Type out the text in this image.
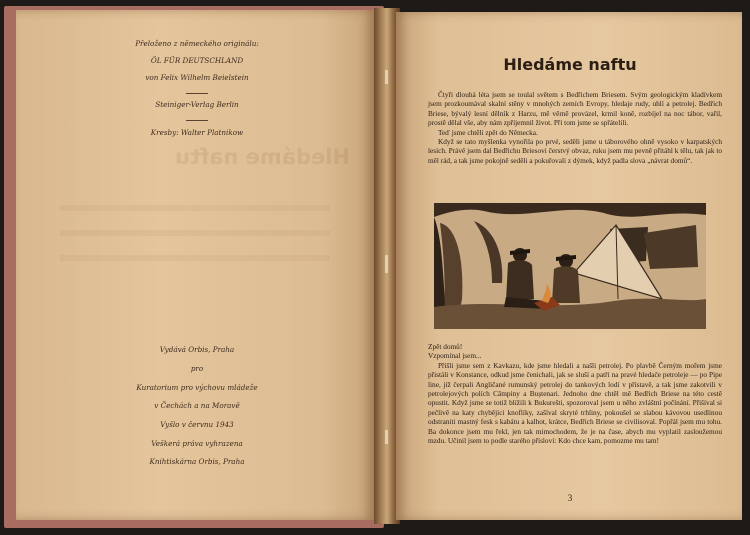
Hledáme naftu
Přeloženo z německého originálu:
ÖL FÜR DEUTSCHLAND
von Felix Wilhelm Beielstein
Steiniger-Verlag Berlin
Kresby: Walter Platnikow
Vydává Orbis, Praha
pro
Kuratorium pro výchovu mládeže
v Čechách a na Moravě
Vyšlo v červnu 1943
Veškerá práva vyhrazena
Knihtiskárna Orbis, Praha
Hledáme naftu

Čtyři dlouhá léta jsem se toulal světem s Bedřichem Briesem. Svým geologickým kladívkem jsem prozkoumával skalní stěny v mnohých zemích Evropy, hledaje rudy, uhlí a petrolej. Bedřich Briese, bývalý lesní dělník z Harzu, mě věrně provázel, krmil koně, rozbíjel na noc tábor, vařil, prostě dělal vše, aby nám zpříjemnil život. Při tom jsme se spřátelili.

Teď jsme chtěli zpět do Německa.

Když se tato myšlenka vynořila po prvé, seděli jsme u táborového ohně vysoko v karpatských lesích. Právě jsem dal Bedřichu Briesovi čerstvý obvaz, ruku jsem mu pevně přitáhl k tělu, tak jak to měl rád, a tak jsme pokojně seděli a pokuřovali z dýmek, když padla slova „návrat domů“.

Zpět domů!

Vzpomínal jsem...

Přišli jsme sem z Kavkazu, kde jsme hledali a našli petrolej. Po plavbě Černým mořem jsme přistáli v Konstance, odkud jsme čenichali, jak se sluší a patří na pravé hledače petroleje — po Pipe line, jíž čerpali Angličané rumunský petrolej do tankových lodí v přístavě, a tak jsme zakotvili v petrolejových polích Câmpiny a Buștenari. Jednoho dne chtěl mě Bedřich Briese na této cestě opustit. Když jsme se totiž blížili k Bukurešti, spozoroval jsem u něho zvláštní počínání. Přišíval si pečlivě na katy chybějící knoflíky, zašíval skryté trhliny, pokoušel se slabou kávovou usedlinou odstraniti mastný fesk s kabátu a kalhot, krátce, Bedřich Briese se civilisoval. Popřál jsem mu tohu. Ba dokonce jsem mu řekl, jen tak mimochodem, že je na čase, abych mu vyplatil zasloužemou mzdu. Učinil jsem to podle starého přísloví: Kdo chce kam, pomozme mu tam!

3
